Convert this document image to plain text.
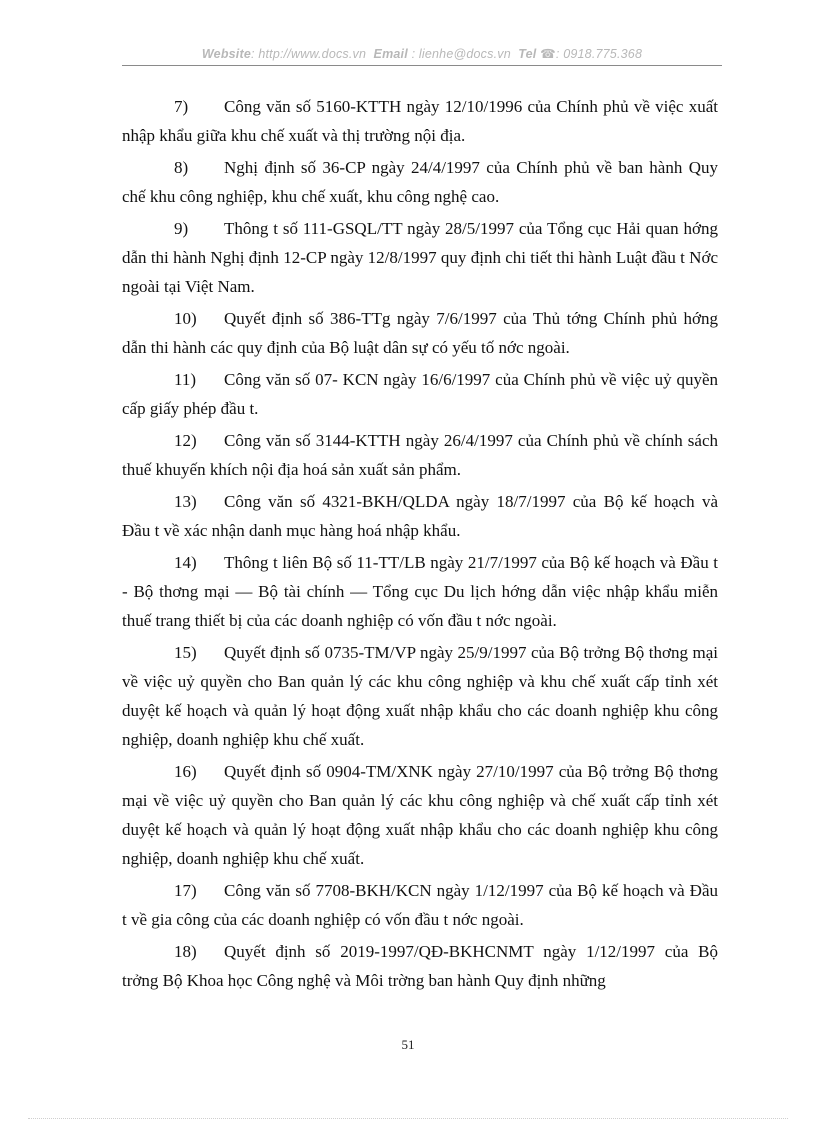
Website: http://www.docs.vn Email : lienhe@docs.vn Tel ☎: 0918.775.368

7) Công văn số 5160-KTTH ngày 12/10/1996 của Chính phủ về việc xuất nhập khẩu giữa khu chế xuất và thị trường nội địa.

8) Nghị định số 36-CP ngày 24/4/1997 của Chính phủ về ban hành Quy chế khu công nghiệp, khu chế xuất, khu công nghệ cao.

9) Thông t số 111-GSQL/TT ngày 28/5/1997 của Tổng cục Hải quan hớng dẫn thi hành Nghị định 12-CP ngày 12/8/1997 quy định chi tiết thi hành Luật đầu t Nớc ngoài tại Việt Nam.

10) Quyết định số 386-TTg ngày 7/6/1997 của Thủ tớng Chính phủ hớng dẫn thi hành các quy định của Bộ luật dân sự có yếu tố nớc ngoài.

11) Công văn số 07- KCN ngày 16/6/1997 của Chính phủ về việc uỷ quyền cấp giấy phép đầu t.

12) Công văn số 3144-KTTH ngày 26/4/1997 của Chính phủ về chính sách thuế khuyến khích nội địa hoá sản xuất sản phẩm.

13) Công văn số 4321-BKH/QLDA ngày 18/7/1997 của Bộ kế hoạch và Đầu t về xác nhận danh mục hàng hoá nhập khẩu.

14) Thông t liên Bộ số 11-TT/LB ngày 21/7/1997 của Bộ kế hoạch và Đầu t - Bộ thơng mại — Bộ tài chính — Tổng cục Du lịch hớng dẫn việc nhập khẩu miễn thuế trang thiết bị của các doanh nghiệp có vốn đầu t nớc ngoài.

15) Quyết định số 0735-TM/VP ngày 25/9/1997 của Bộ trởng Bộ thơng mại về việc uỷ quyền cho Ban quản lý các khu công nghiệp và khu chế xuất cấp tỉnh xét duyệt kế hoạch và quản lý hoạt động xuất nhập khẩu cho các doanh nghiệp khu công nghiệp, doanh nghiệp khu chế xuất.

16) Quyết định số 0904-TM/XNK ngày 27/10/1997 của Bộ trởng Bộ thơng mại về việc uỷ quyền cho Ban quản lý các khu công nghiệp và chế xuất cấp tỉnh xét duyệt kế hoạch và quản lý hoạt động xuất nhập khẩu cho các doanh nghiệp khu công nghiệp, doanh nghiệp khu chế xuất.

17) Công văn số 7708-BKH/KCN ngày 1/12/1997 của Bộ kế hoạch và Đầu t về gia công của các doanh nghiệp có vốn đầu t nớc ngoài.

18) Quyết định số 2019-1997/QĐ-BKHCNMT ngày 1/12/1997 của Bộ trởng Bộ Khoa học Công nghệ và Môi trờng ban hành Quy định những

51
